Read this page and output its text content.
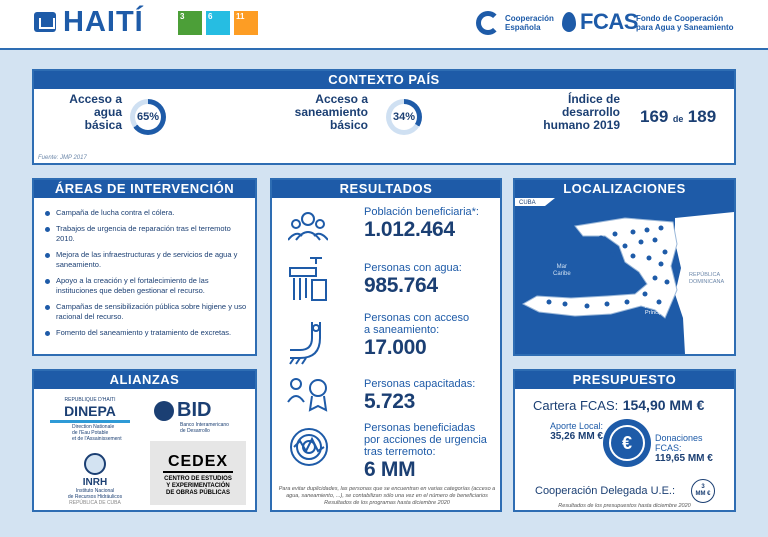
HAITÍ	3	6	11	Cooperación
Española	FCAS
Fondo de Cooperación
para Agua y Saneamiento
CONTEXTO PAÍS
Acceso a
agua
básica
65%
Acceso a
saneamiento
básico
34%
Índice de
desarrollo
humano 2019 169 de 189
Fuente: JMP 2017
ÁREAS DE INTERVENCIÓN
Campaña de lucha contra el cólera.
Trabajos de urgencia de reparación tras el terremoto 2010.
Mejora de las infraestructuras y de servicios de agua y saneamiento.
Apoyo a la creación y el fortalecimiento de las instituciones que deben gestionar el recurso.
Campañas de sensibilización pública sobre higiene y uso racional del recurso.
Fomento del saneamiento y tratamiento de excretas.
ALIANZAS
REPUBLIQUE D'HAITI
DINEPA
Direction Nationale
de l'Eau Potable
et de l'Assainissement
BID
Banco Interamericano
de Desarrollo
INRH
Instituto Nacional
de Recursos Hidráulicos
REPÚBLICA DE CUBA
CEDEX
CENTRO DE ESTUDIOS
Y EXPERIMENTACIÓN
DE OBRAS PÚBLICAS
RESULTADOS
Población beneficiaria*:
1.012.464
Personas con agua:
985.764
Personas con acceso
a saneamiento:
17.000
Personas capacitadas:
5.723
Personas beneficiadas
por acciones de urgencia
tras terremoto:
6 MM
Para evitar duplicidades, las personas que se encuentran en varias categorías (acceso a
agua, saneamiento, ...), se contabilizan sólo una vez en el número de beneficiarios
Resultados de los programas hasta diciembre 2020
LOCALIZACIONES
CUBA
Mar
Caribe	REPÚBLICA
DOMINICANA
Puerto
Príncipe
PRESUPUESTO
Cartera FCAS: 154,90 MM €
Aporte Local:
35,26 MM €	€	Donaciones
FCAS:
119,65 MM €
Cooperación Delegada U.E.:	3
MM €
Resultados de los presupuestos hasta diciembre 2020
